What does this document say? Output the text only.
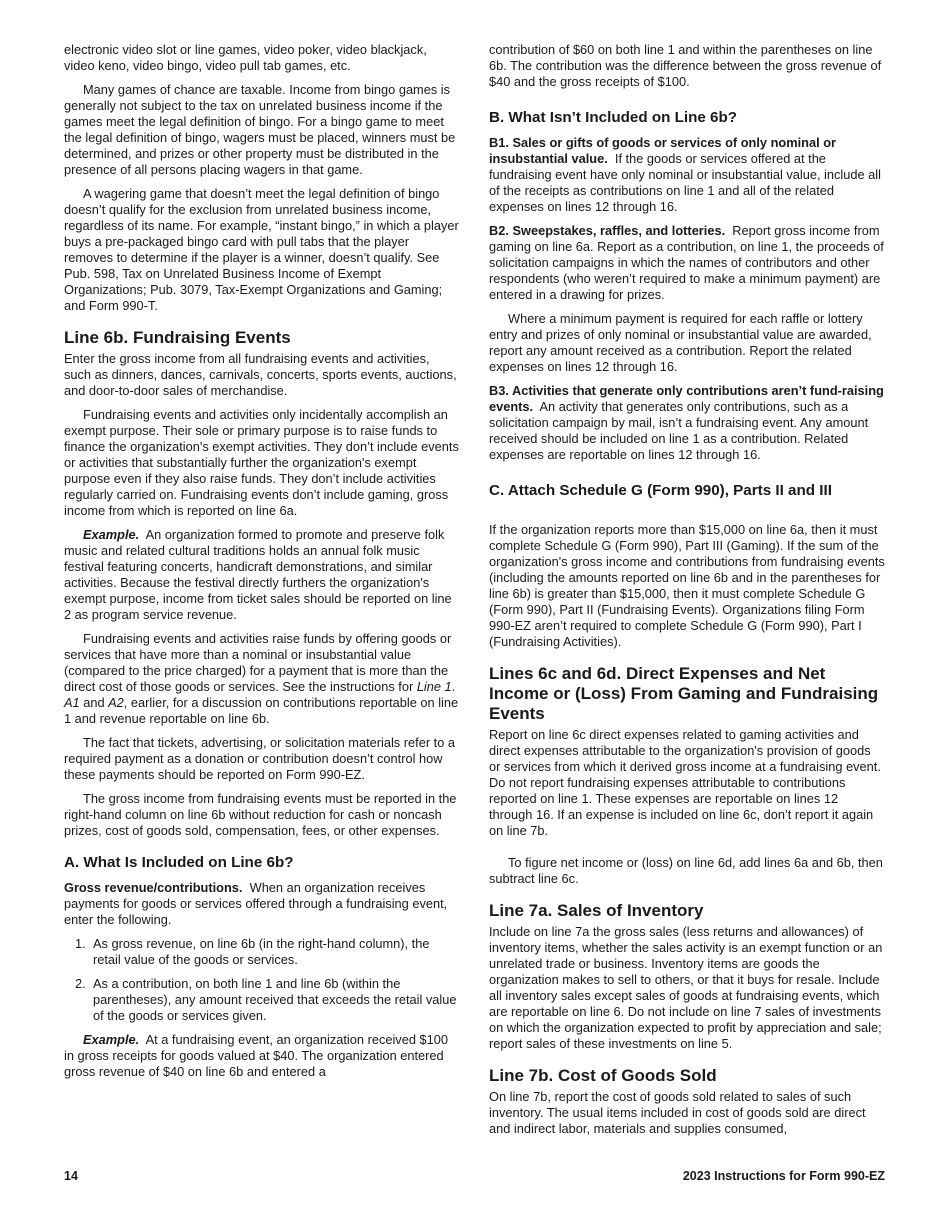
electronic video slot or line games, video poker, video blackjack, video keno, video bingo, video pull tab games, etc.

Many games of chance are taxable. Income from bingo games is generally not subject to the tax on unrelated business income if the games meet the legal definition of bingo. For a bingo game to meet the legal definition of bingo, wagers must be placed, winners must be determined, and prizes or other property must be distributed in the presence of all persons placing wagers in that game.

A wagering game that doesn’t meet the legal definition of bingo doesn’t qualify for the exclusion from unrelated business income, regardless of its name. For example, “instant bingo,” in which a player buys a pre-packaged bingo card with pull tabs that the player removes to determine if the player is a winner, doesn’t qualify. See Pub. 598, Tax on Unrelated Business Income of Exempt Organizations; Pub. 3079, Tax-Exempt Organizations and Gaming; and Form 990-T.

Line 6b. Fundraising Events

Enter the gross income from all fundraising events and activities, such as dinners, dances, carnivals, concerts, sports events, auctions, and door-to-door sales of merchandise.

Fundraising events and activities only incidentally accomplish an exempt purpose. Their sole or primary purpose is to raise funds to finance the organization's exempt activities. They don’t include events or activities that substantially further the organization's exempt purpose even if they also raise funds. They don’t include activities regularly carried on. Fundraising events don’t include gaming, gross income from which is reported on line 6a.

Example. An organization formed to promote and preserve folk music and related cultural traditions holds an annual folk music festival featuring concerts, handicraft demonstrations, and similar activities. Because the festival directly furthers the organization's exempt purpose, income from ticket sales should be reported on line 2 as program service revenue.

Fundraising events and activities raise funds by offering goods or services that have more than a nominal or insubstantial value (compared to the price charged) for a payment that is more than the direct cost of those goods or services. See the instructions for Line 1. A1 and A2, earlier, for a discussion on contributions reportable on line 1 and revenue reportable on line 6b.

The fact that tickets, advertising, or solicitation materials refer to a required payment as a donation or contribution doesn’t control how these payments should be reported on Form 990-EZ.

The gross income from fundraising events must be reported in the right-hand column on line 6b without reduction for cash or noncash prizes, cost of goods sold, compensation, fees, or other expenses.

A. What Is Included on Line 6b?

Gross revenue/contributions. When an organization receives payments for goods or services offered through a fundraising event, enter the following.

1. As gross revenue, on line 6b (in the right-hand column), the retail value of the goods or services.
2. As a contribution, on both line 1 and line 6b (within the parentheses), any amount received that exceeds the retail value of the goods or services given.

Example. At a fundraising event, an organization received $100 in gross receipts for goods valued at $40. The organization entered gross revenue of $40 on line 6b and entered a

contribution of $60 on both line 1 and within the parentheses on line 6b. The contribution was the difference between the gross revenue of $40 and the gross receipts of $100.

B. What Isn’t Included on Line 6b?

B1. Sales or gifts of goods or services of only nominal or insubstantial value. If the goods or services offered at the fundraising event have only nominal or insubstantial value, include all of the receipts as contributions on line 1 and all of the related expenses on lines 12 through 16.

B2. Sweepstakes, raffles, and lotteries. Report gross income from gaming on line 6a. Report as a contribution, on line 1, the proceeds of solicitation campaigns in which the names of contributors and other respondents (who weren’t required to make a minimum payment) are entered in a drawing for prizes.

Where a minimum payment is required for each raffle or lottery entry and prizes of only nominal or insubstantial value are awarded, report any amount received as a contribution. Report the related expenses on lines 12 through 16.

B3. Activities that generate only contributions aren’t fund-raising events. An activity that generates only contributions, such as a solicitation campaign by mail, isn’t a fundraising event. Any amount received should be included on line 1 as a contribution. Related expenses are reportable on lines 12 through 16.

C. Attach Schedule G (Form 990), Parts II and III

If the organization reports more than $15,000 on line 6a, then it must complete Schedule G (Form 990), Part III (Gaming). If the sum of the organization's gross income and contributions from fundraising events (including the amounts reported on line 6b and in the parentheses for line 6b) is greater than $15,000, then it must complete Schedule G (Form 990), Part II (Fundraising Events). Organizations filing Form 990-EZ aren’t required to complete Schedule G (Form 990), Part I (Fundraising Activities).

Lines 6c and 6d. Direct Expenses and Net Income or (Loss) From Gaming and Fundraising Events

Report on line 6c direct expenses related to gaming activities and direct expenses attributable to the organization's provision of goods or services from which it derived gross income at a fundraising event. Do not report fundraising expenses attributable to contributions reported on line 1. These expenses are reportable on lines 12 through 16. If an expense is included on line 6c, don’t report it again on line 7b.

To figure net income or (loss) on line 6d, add lines 6a and 6b, then subtract line 6c.

Line 7a. Sales of Inventory

Include on line 7a the gross sales (less returns and allowances) of inventory items, whether the sales activity is an exempt function or an unrelated trade or business. Inventory items are goods the organization makes to sell to others, or that it buys for resale. Include all inventory sales except sales of goods at fundraising events, which are reportable on line 6. Do not include on line 7 sales of investments on which the organization expected to profit by appreciation and sale; report sales of these investments on line 5.

Line 7b. Cost of Goods Sold

On line 7b, report the cost of goods sold related to sales of such inventory. The usual items included in cost of goods sold are direct and indirect labor, materials and supplies consumed,

14	2023 Instructions for Form 990-EZ
